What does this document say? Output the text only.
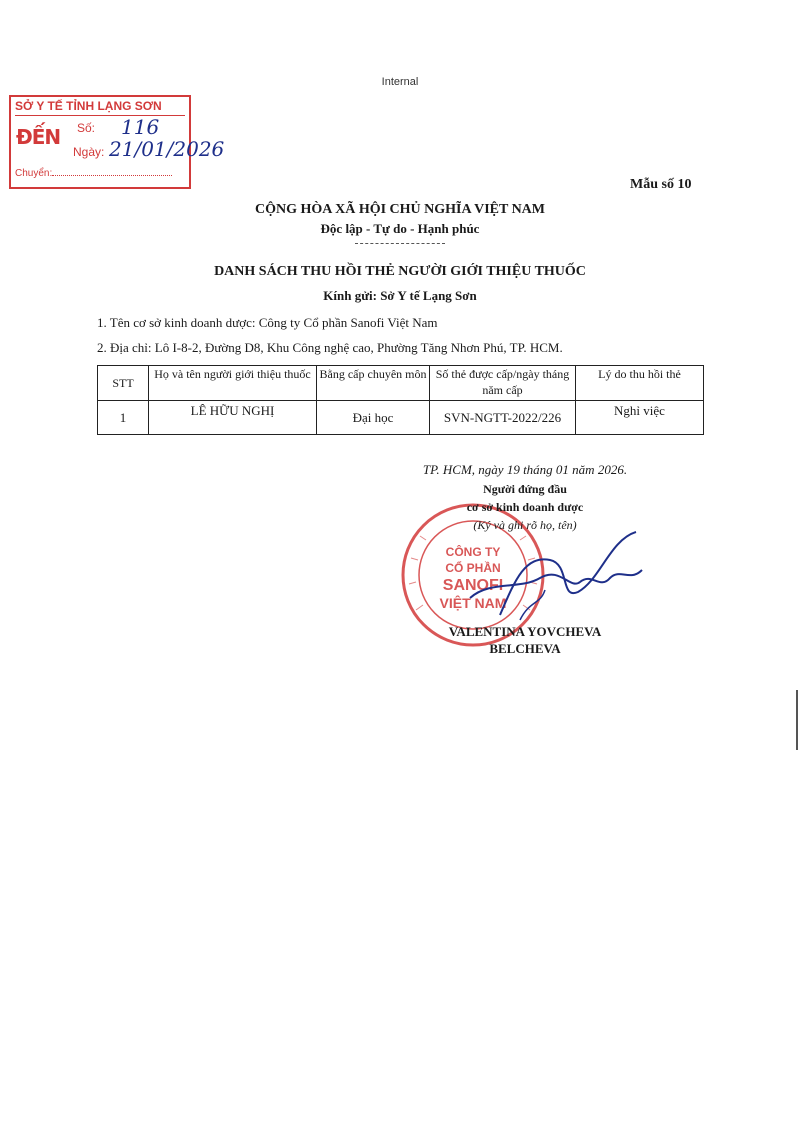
Internal
SỞ Y TẾ TỈNH LẠNG SƠN
ĐẾN Số: 116
Ngày: 21/01/2026
Chuyển:
Mẫu số 10
CỘNG HÒA XÃ HỘI CHỦ NGHĨA VIỆT NAM
Độc lập - Tự do - Hạnh phúc
DANH SÁCH THU HỒI THẺ NGƯỜI GIỚI THIỆU THUỐC
Kính gửi: Sở Y tế Lạng Sơn
1. Tên cơ sở kinh doanh dược: Công ty Cổ phần Sanofi Việt Nam
2. Địa chỉ: Lô I-8-2, Đường D8, Khu Công nghệ cao, Phường Tăng Nhơn Phú, TP. HCM.
STT	Họ và tên người giới thiệu thuốc	Bằng cấp chuyên môn	Số thẻ được cấp/ngày tháng năm cấp	Lý do thu hồi thẻ
1	LÊ HỮU NGHỊ	Đại học	SVN-NGTT-2022/226	Nghỉ việc
CÔNG TY
CỔ PHẦN
SANOFI
VIỆT NAM
TP. HCM, ngày 19 tháng 01 năm 2026.
Người đứng đầu
cơ sở kinh doanh dược
(Ký và ghi rõ họ, tên)
VALENTINA YOVCHEVA
BELCHEVA
